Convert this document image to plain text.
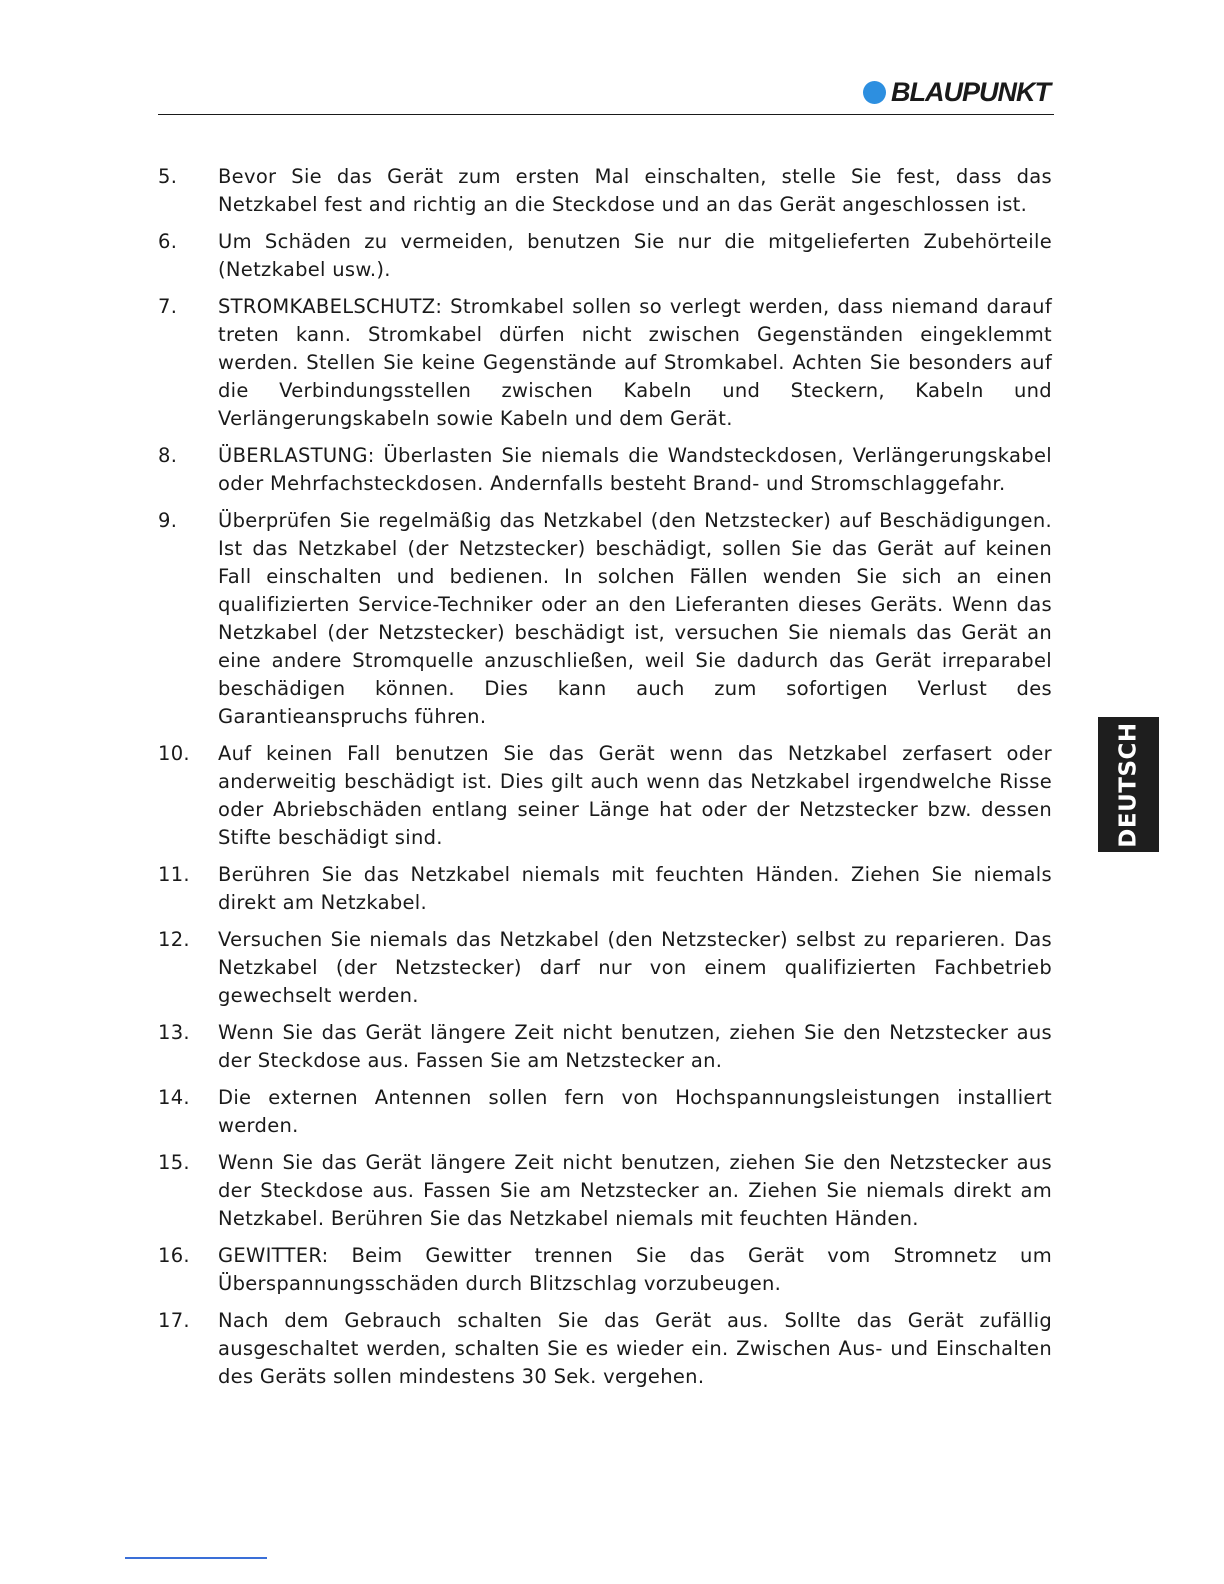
BLAUPUNKT
5.	Bevor Sie das Gerät zum ersten Mal einschalten, stelle Sie fest, dass das Netzkabel fest and richtig an die Steckdose und an das Gerät angeschlossen ist.
6.	Um Schäden zu vermeiden, benutzen Sie nur die mitgelieferten Zubehörteile (Netzkabel usw.).
7.	STROMKABELSCHUTZ: Stromkabel sollen so verlegt werden, dass niemand darauf treten kann. Stromkabel dürfen nicht zwischen Gegenständen eingeklemmt werden. Stellen Sie keine Gegenstände auf Stromkabel. Achten Sie besonders auf die Verbindungsstellen zwischen Kabeln und Steckern, Kabeln und Verlängerungskabeln sowie Kabeln und dem Gerät.
8.	ÜBERLASTUNG: Überlasten Sie niemals die Wandsteckdosen, Verlängerungskabel oder Mehrfachsteckdosen. Andernfalls besteht Brand- und Stromschlaggefahr.
9.	Überprüfen Sie regelmäßig das Netzkabel (den Netzstecker) auf Beschädigungen. Ist das Netzkabel (der Netzstecker) beschädigt, sollen Sie das Gerät auf keinen Fall einschalten und bedienen. In solchen Fällen wenden Sie sich an einen qualifizierten Service-Techniker oder an den Lieferanten dieses Geräts. Wenn das Netzkabel (der Netzstecker) beschädigt ist, versuchen Sie niemals das Gerät an eine andere Stromquelle anzuschließen, weil Sie dadurch das Gerät irreparabel beschädigen können. Dies kann auch zum sofortigen Verlust des Garantieanspruchs führen.
10.	Auf keinen Fall benutzen Sie das Gerät wenn das Netzkabel zerfasert oder anderweitig beschädigt ist. Dies gilt auch wenn das Netzkabel irgendwelche Risse oder Abriebschäden entlang seiner Länge hat oder der Netzstecker bzw. dessen Stifte beschädigt sind.
11.	Berühren Sie das Netzkabel niemals mit feuchten Händen. Ziehen Sie niemals direkt am Netzkabel.
12.	Versuchen Sie niemals das Netzkabel (den Netzstecker) selbst zu reparieren. Das Netzkabel (der Netzstecker) darf nur von einem qualifizierten Fachbetrieb gewechselt werden.
13.	Wenn Sie das Gerät längere Zeit nicht benutzen, ziehen Sie den Netzstecker aus der Steckdose aus. Fassen Sie am Netzstecker an.
14.	Die externen Antennen sollen fern von Hochspannungsleistungen installiert werden.
15.	Wenn Sie das Gerät längere Zeit nicht benutzen, ziehen Sie den Netzstecker aus der Steckdose aus. Fassen Sie am Netzstecker an. Ziehen Sie niemals direkt am Netzkabel. Berühren Sie das Netzkabel niemals mit feuchten Händen.
16.	GEWITTER: Beim Gewitter trennen Sie das Gerät vom Stromnetz um Überspannungsschäden durch Blitzschlag vorzubeugen.
17.	Nach dem Gebrauch schalten Sie das Gerät aus. Sollte das Gerät zufällig ausgeschaltet werden, schalten Sie es wieder ein. Zwischen Aus- und Einschalten des Geräts sollen mindestens 30 Sek. vergehen.
DEUTSCH
